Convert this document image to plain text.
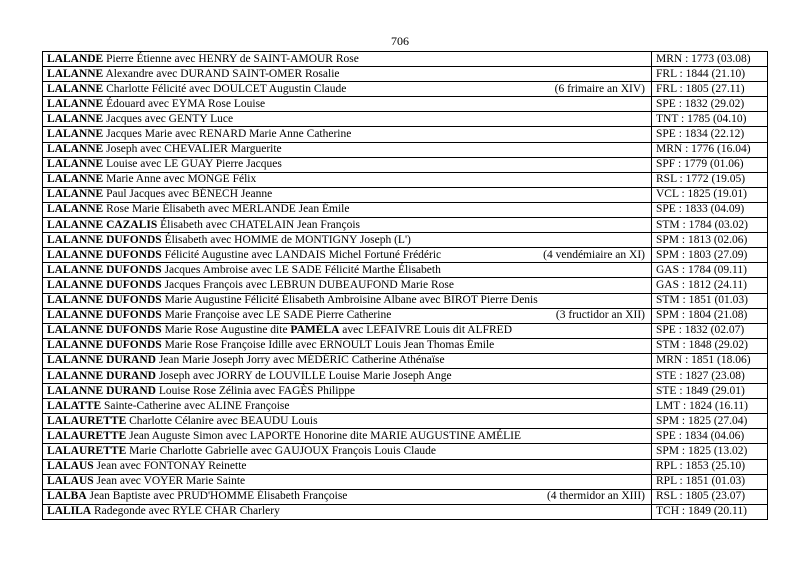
706
LALANDE Pierre Étienne avec HENRY de SAINT-AMOUR Rose	MRN : 1773 (03.08)

LALANNE Alexandre avec DURAND SAINT-OMER Rosalie	FRL : 1844 (21.10)

LALANNE Charlotte Félicité avec DOULCET Augustin Claude (6 frimaire an XIV)	FRL : 1805 (27.11)

LALANNE Édouard avec EYMA Rose Louise	SPE : 1832 (29.02)

LALANNE Jacques avec GENTY Luce	TNT : 1785 (04.10)

LALANNE Jacques Marie avec RENARD Marie Anne Catherine	SPE : 1834 (22.12)

LALANNE Joseph avec CHEVALIER Marguerite	MRN : 1776 (16.04)

LALANNE Louise avec LE GUAY Pierre Jacques	SPF : 1779 (01.06)

LALANNE Marie Anne avec MONGE Félix	RSL : 1772 (19.05)

LALANNE Paul Jacques avec BÉNECH Jeanne	VCL : 1825 (19.01)

LALANNE Rose Marie Élisabeth avec MERLANDE Jean Émile	SPE : 1833 (04.09)

LALANNE CAZALIS Élisabeth avec CHATELAIN Jean François	STM : 1784 (03.02)

LALANNE DUFONDS Élisabeth avec HOMME de MONTIGNY Joseph (L')	SPM : 1813 (02.06)

LALANNE DUFONDS Félicité Augustine avec LANDAIS Michel Fortuné Frédéric (4 vendémiaire an XI)	SPM : 1803 (27.09)

LALANNE DUFONDS Jacques Ambroise avec LE SADE Félicité Marthe Élisabeth	GAS : 1784 (09.11)

LALANNE DUFONDS Jacques François avec LEBRUN DUBEAUFOND Marie Rose	GAS : 1812 (24.11)

LALANNE DUFONDS Marie Augustine Félicité Élisabeth Ambroisine Albane avec BIROT Pierre Denis	STM : 1851 (01.03)

LALANNE DUFONDS Marie Françoise avec LE SADE Pierre Catherine (3 fructidor an XII)	SPM : 1804 (21.08)

LALANNE DUFONDS Marie Rose Augustine dite PAMÉLA avec LEFAIVRE Louis dit ALFRED	SPE : 1832 (02.07)

LALANNE DUFONDS Marie Rose Françoise Idille avec ERNOULT Louis Jean Thomas Émile	STM : 1848 (29.02)

LALANNE DURAND Jean Marie Joseph Jorry avec MÉDÉRIC Catherine Athénaïse	MRN : 1851 (18.06)

LALANNE DURAND Joseph avec JORRY de LOUVILLE Louise Marie Joseph Ange	STE : 1827 (23.08)

LALANNE DURAND Louise Rose Zélinia avec FAGÈS Philippe	STE : 1849 (29.01)

LALATTE Sainte-Catherine avec ALINE Françoise	LMT : 1824 (16.11)

LALAURETTE Charlotte Célanire avec BEAUDU Louis	SPM : 1825 (27.04)

LALAURETTE Jean Auguste Simon avec LAPORTE Honorine dite MARIE AUGUSTINE AMÉLIE	SPE : 1834 (04.06)

LALAURETTE Marie Charlotte Gabrielle avec GAUJOUX François Louis Claude	SPM : 1825 (13.02)

LALAUS Jean avec FONTONAY Reinette	RPL : 1853 (25.10)

LALAUS Jean avec VOYER Marie Sainte	RPL : 1851 (01.03)

LALBA Jean Baptiste avec PRUD'HOMME Élisabeth Françoise (4 thermidor an XIII)	RSL : 1805 (23.07)

LALILA Radegonde avec RYLE CHAR Charlery	TCH : 1849 (20.11)
